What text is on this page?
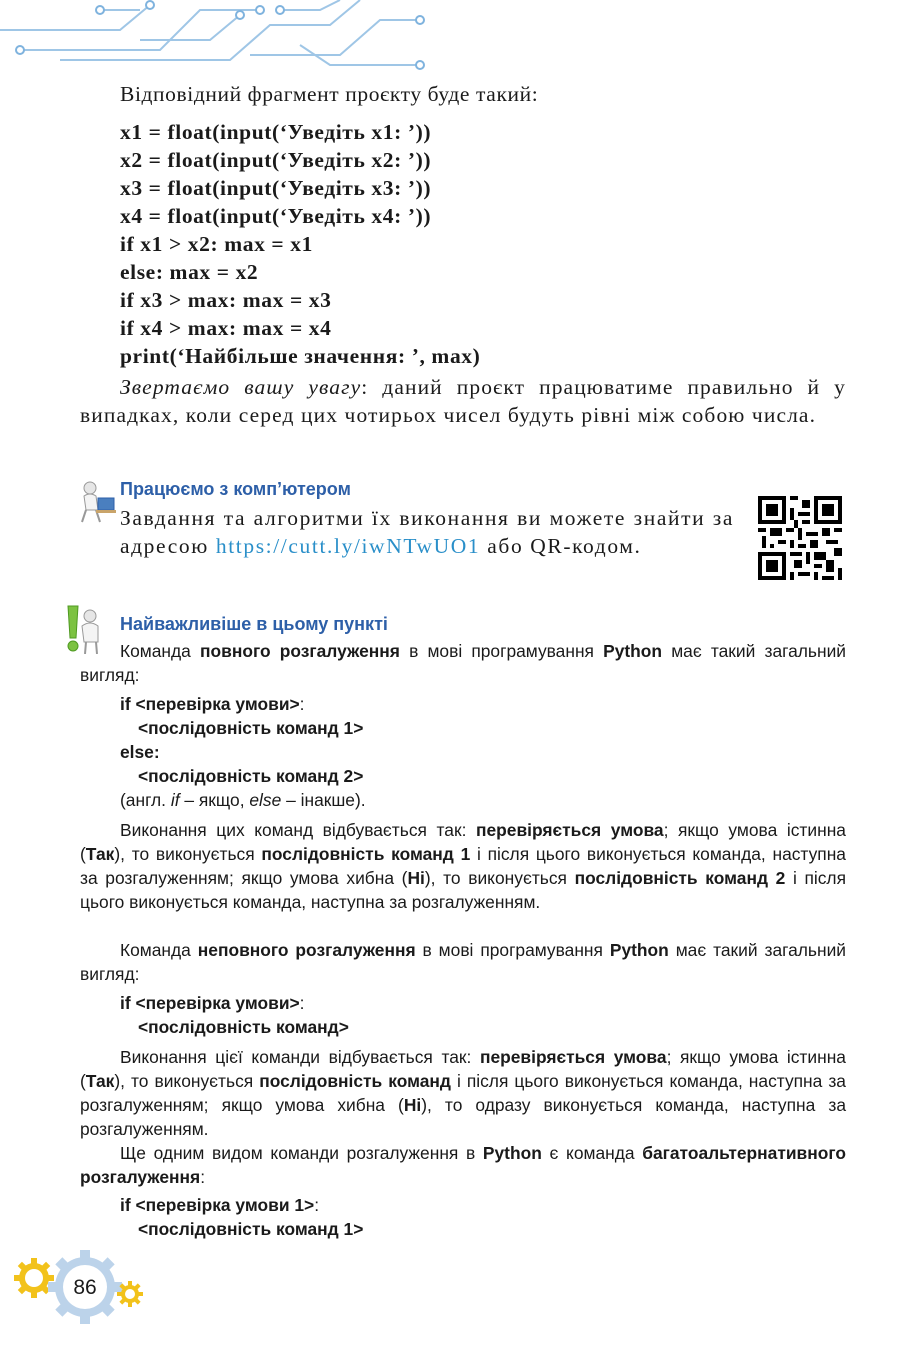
Відповідний фрагмент проєкту буде такий:
x1 = float(input(‘Уведіть x1: ’))
x2 = float(input(‘Уведіть x2: ’))
x3 = float(input(‘Уведіть x3: ’))
x4 = float(input(‘Уведіть x4: ’))
if x1 > x2: max = x1
else: max = x2
if x3 > max: max = x3
if x4 > max: max = x4
print(‘Найбільше значення: ’, max)
Звертаємо вашу увагу: даний проєкт працюватиме правильно й у випадках, коли серед цих чотирьох чисел будуть рівні між собою числа.
Працюємо з комп’ютером
Завдання та алгоритми їх виконання ви можете знайти за адресою https://cutt.ly/iwNTwUO1 або QR-кодом.
Найважливіше в цьому пункті
Команда повного розгалуження в мові програмування Python має такий загальний вигляд:
if <перевірка умови>:
<послідовність команд 1>
else:
<послідовність команд 2>
(англ. if – якщо, else – інакше).
Виконання цих команд відбувається так: перевіряється умова; якщо умова істинна (Так), то виконується послідовність команд 1 і після цього виконується команда, наступна за розгалуженням; якщо умова хибна (Ні), то виконується послідовність команд 2 і після цього виконується команда, наступна за розгалуженням.
Команда неповного розгалуження в мові програмування Python має такий загальний вигляд:
if <перевірка умови>:
<послідовність команд>
Виконання цієї команди відбувається так: перевіряється умова; якщо умова істинна (Так), то виконується послідовність команд і після цього виконується команда, наступна за розгалуженням; якщо умова хибна (Ні), то одразу виконується команда, наступна за розгалуженням.
Ще одним видом команди розгалуження в Python є команда багатоальтернативного розгалуження:
if <перевірка умови 1>:
<послідовність команд 1>
86
